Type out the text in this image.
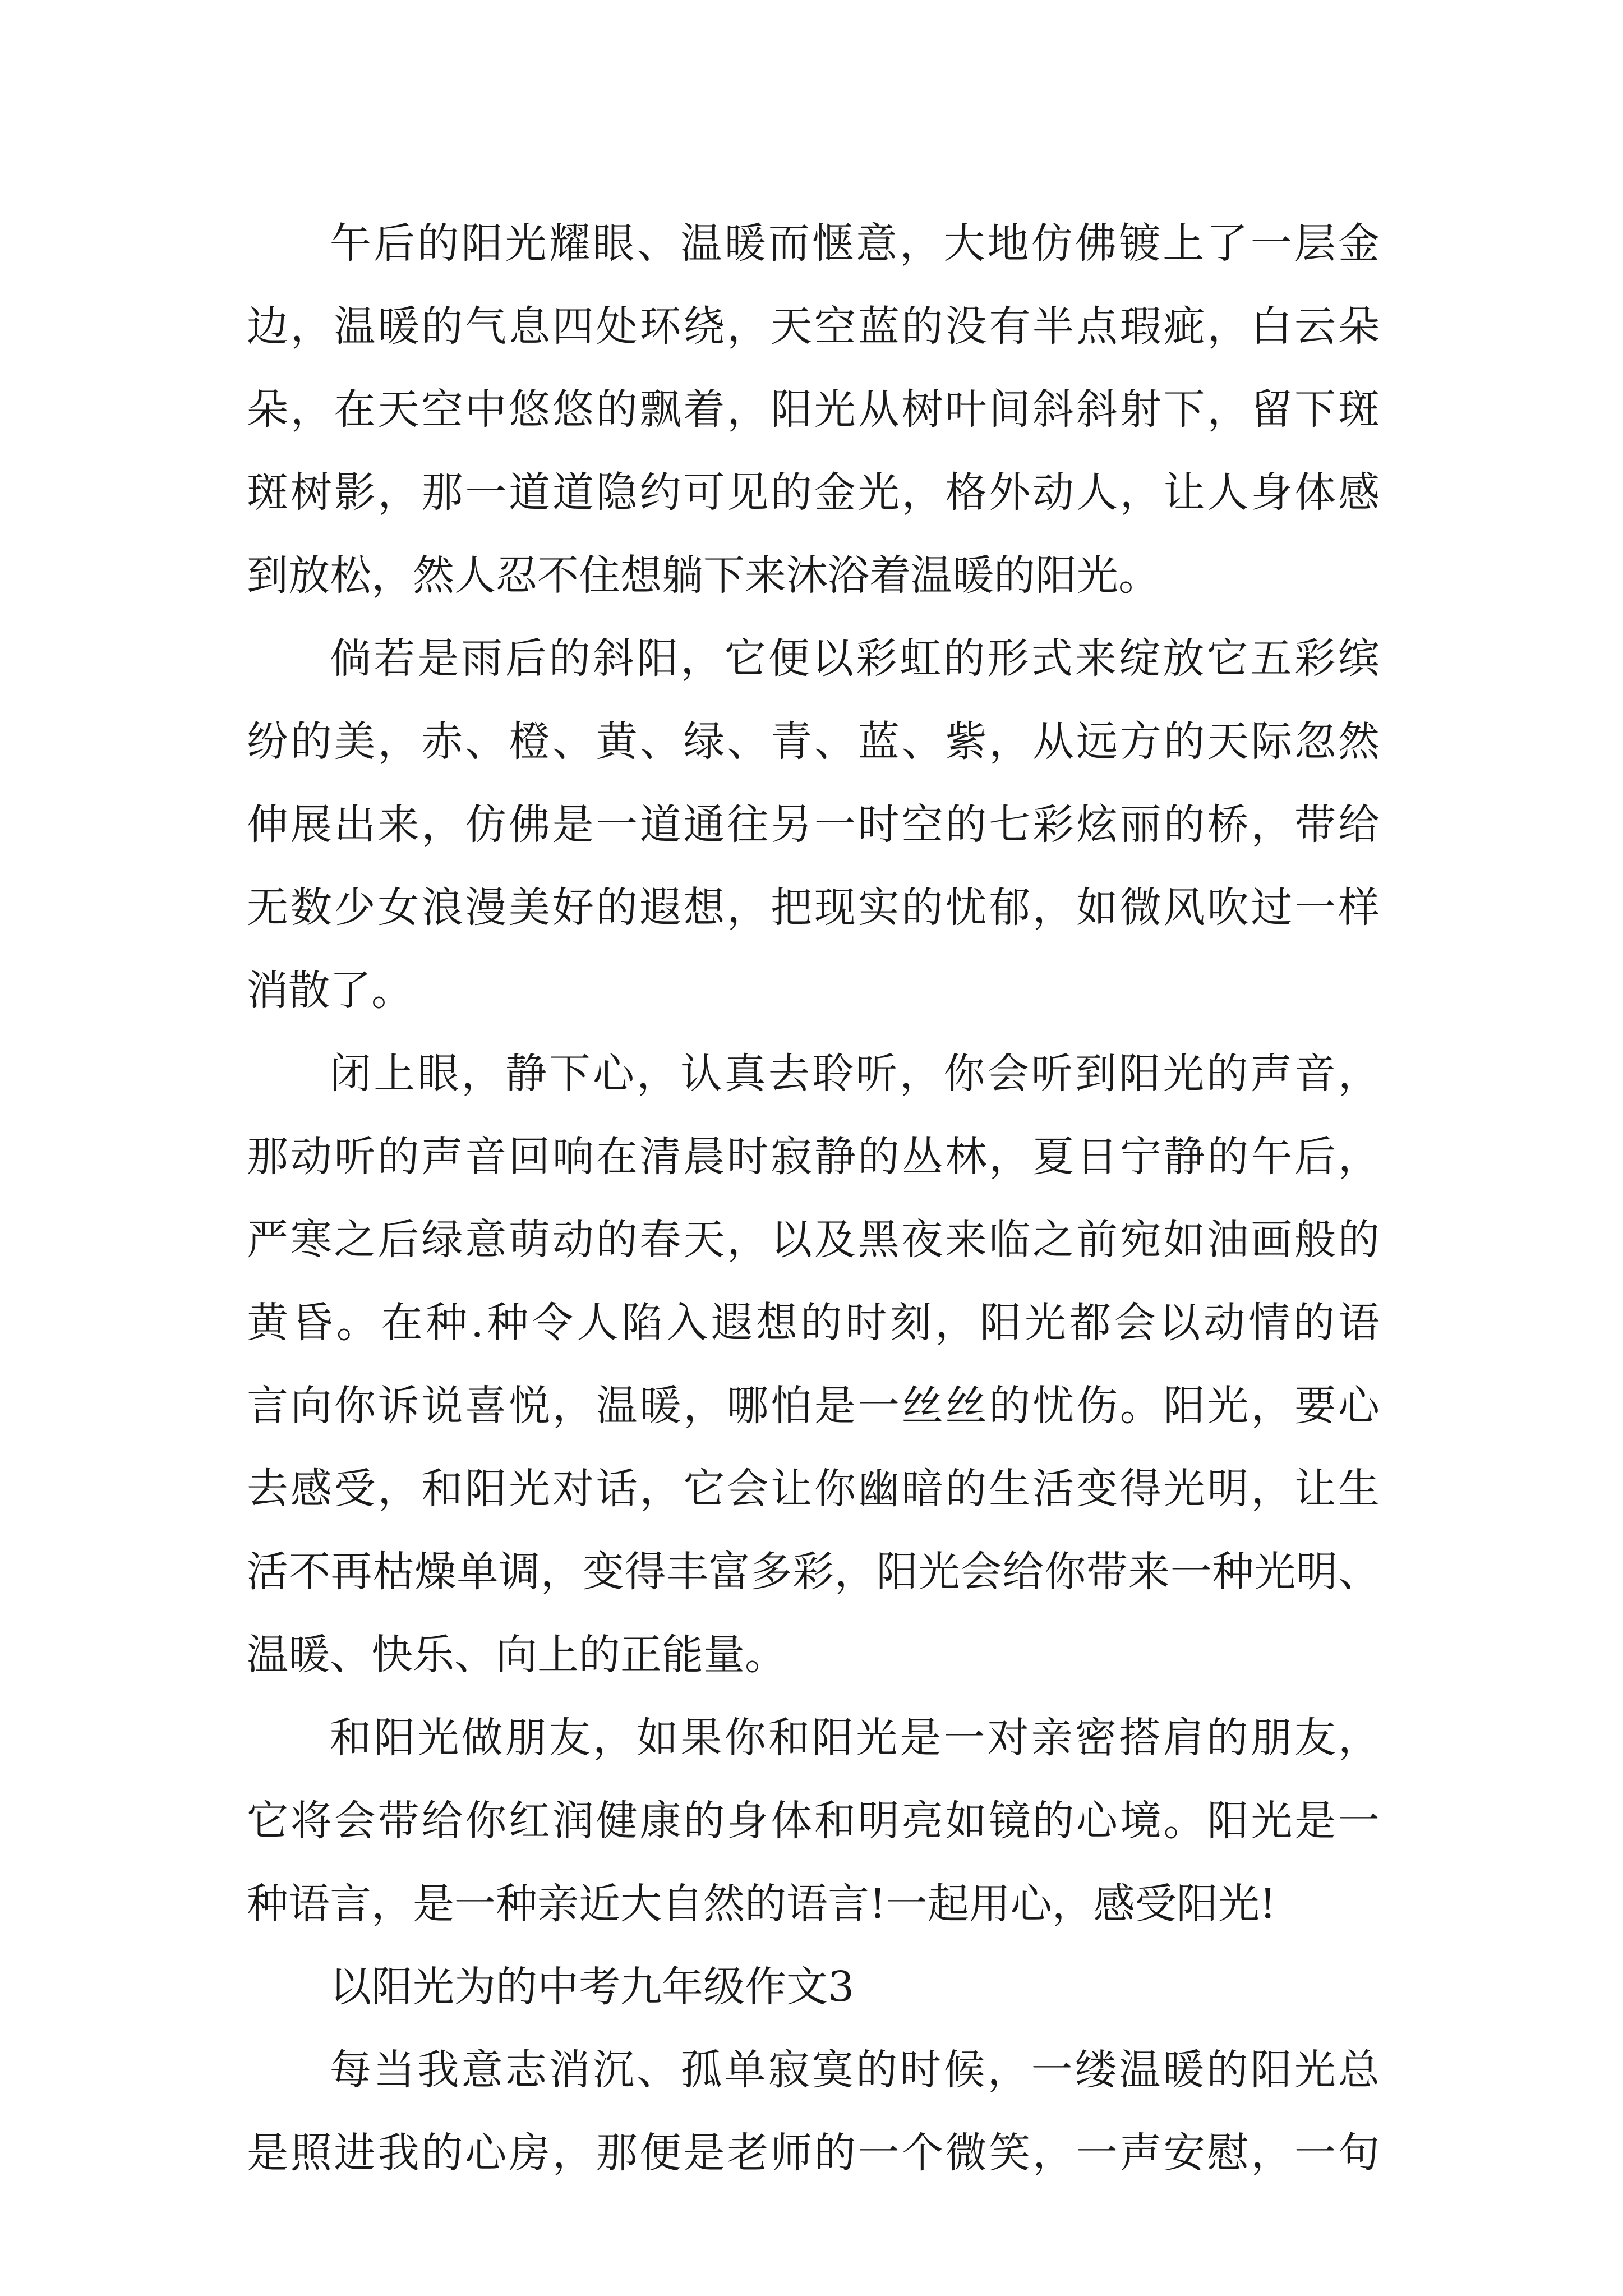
午后的阳光耀眼、温暖而惬意，大地仿佛镀上了一层金
边，温暖的气息四处环绕，天空蓝的没有半点瑕疵，白云朵
朵，在天空中悠悠的飘着，阳光从树叶间斜斜射下，留下斑
斑树影，那一道道隐约可见的金光，格外动人，让人身体感
到放松，然人忍不住想躺下来沐浴着温暖的阳光。
倘若是雨后的斜阳，它便以彩虹的形式来绽放它五彩缤
纷的美，赤、橙、黄、绿、青、蓝、紫，从远方的天际忽然
伸展出来，仿佛是一道通往另一时空的七彩炫丽的桥，带给
无数少女浪漫美好的遐想，把现实的忧郁，如微风吹过一样
消散了。
闭上眼，静下心，认真去聆听，你会听到阳光的声音，
那动听的声音回响在清晨时寂静的丛林，夏日宁静的午后，
严寒之后绿意萌动的春天，以及黑夜来临之前宛如油画般的
黄昏。在种.种令人陷入遐想的时刻，阳光都会以动情的语
言向你诉说喜悦，温暖，哪怕是一丝丝的忧伤。阳光，要心
去感受，和阳光对话，它会让你幽暗的生活变得光明，让生
活不再枯燥单调，变得丰富多彩，阳光会给你带来一种光明、
温暖、快乐、向上的正能量。
和阳光做朋友，如果你和阳光是一对亲密搭肩的朋友，
它将会带给你红润健康的身体和明亮如镜的心境。阳光是一
种语言，是一种亲近大自然的语言!一起用心，感受阳光!
以阳光为的中考九年级作文3
每当我意志消沉、孤单寂寞的时候，一缕温暖的阳光总
是照进我的心房，那便是老师的一个微笑，一声安慰，一句
